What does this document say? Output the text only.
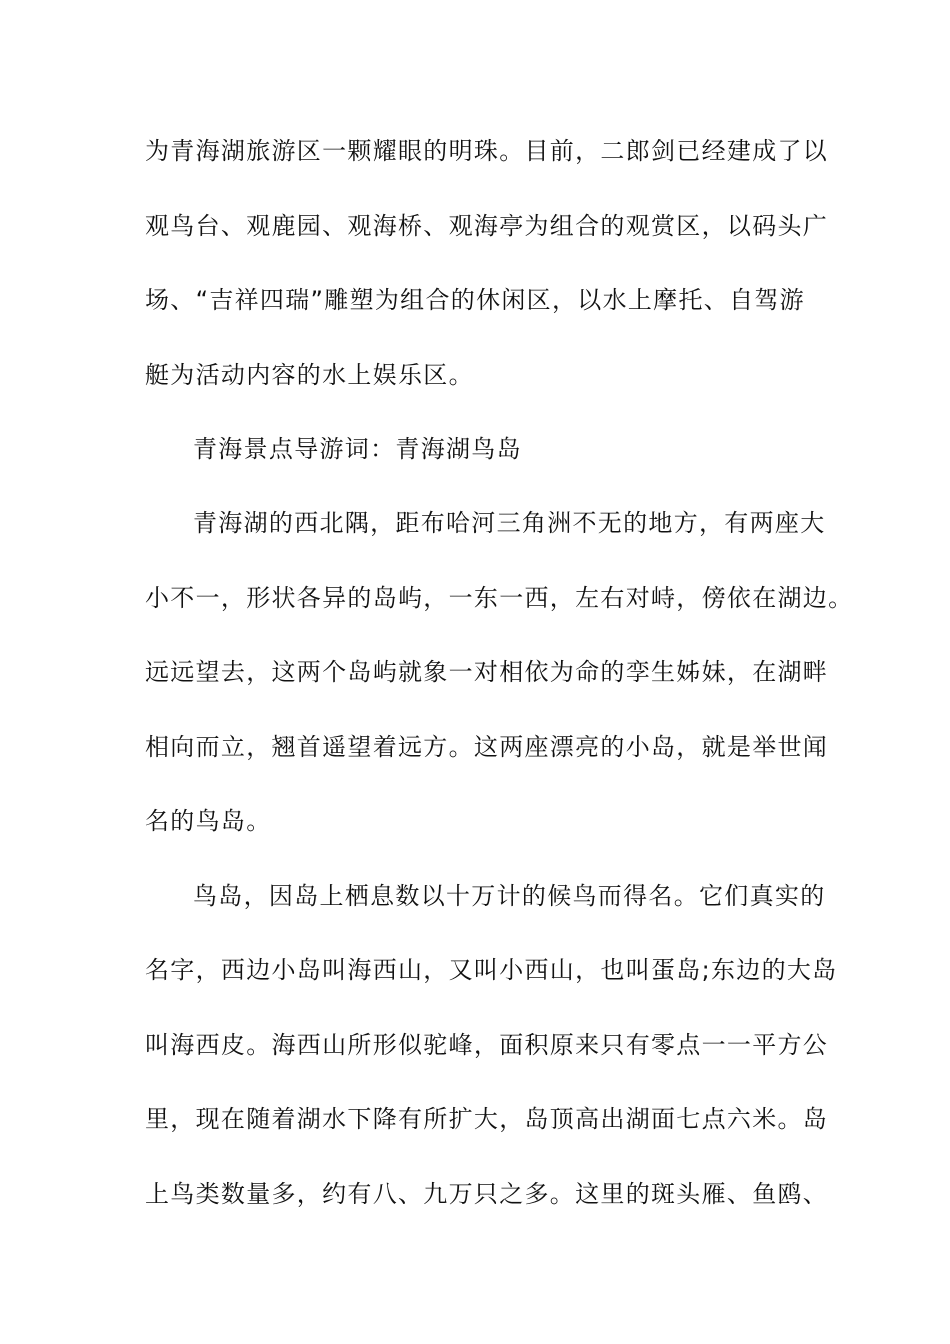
为青海湖旅游区一颗耀眼的明珠。目前，二郎剑已经建成了以
观鸟台、观鹿园、观海桥、观海亭为组合的观赏区，以码头广
场、“吉祥四瑞”雕塑为组合的休闲区，以水上摩托、自驾游
艇为活动内容的水上娱乐区。
青海景点导游词：青海湖鸟岛
青海湖的西北隅，距布哈河三角洲不无的地方，有两座大
小不一，形状各异的岛屿，一东一西，左右对峙，傍依在湖边。
远远望去，这两个岛屿就象一对相依为命的孪生姊妹，在湖畔
相向而立，翘首遥望着远方。这两座漂亮的小岛，就是举世闻
名的鸟岛。
鸟岛，因岛上栖息数以十万计的候鸟而得名。它们真实的
名字，西边小岛叫海西山，又叫小西山，也叫蛋岛;东边的大岛
叫海西皮。海西山所形似驼峰，面积原来只有零点一一平方公
里，现在随着湖水下降有所扩大，岛顶高出湖面七点六米。岛
上鸟类数量多，约有八、九万只之多。这里的斑头雁、鱼鸥、
